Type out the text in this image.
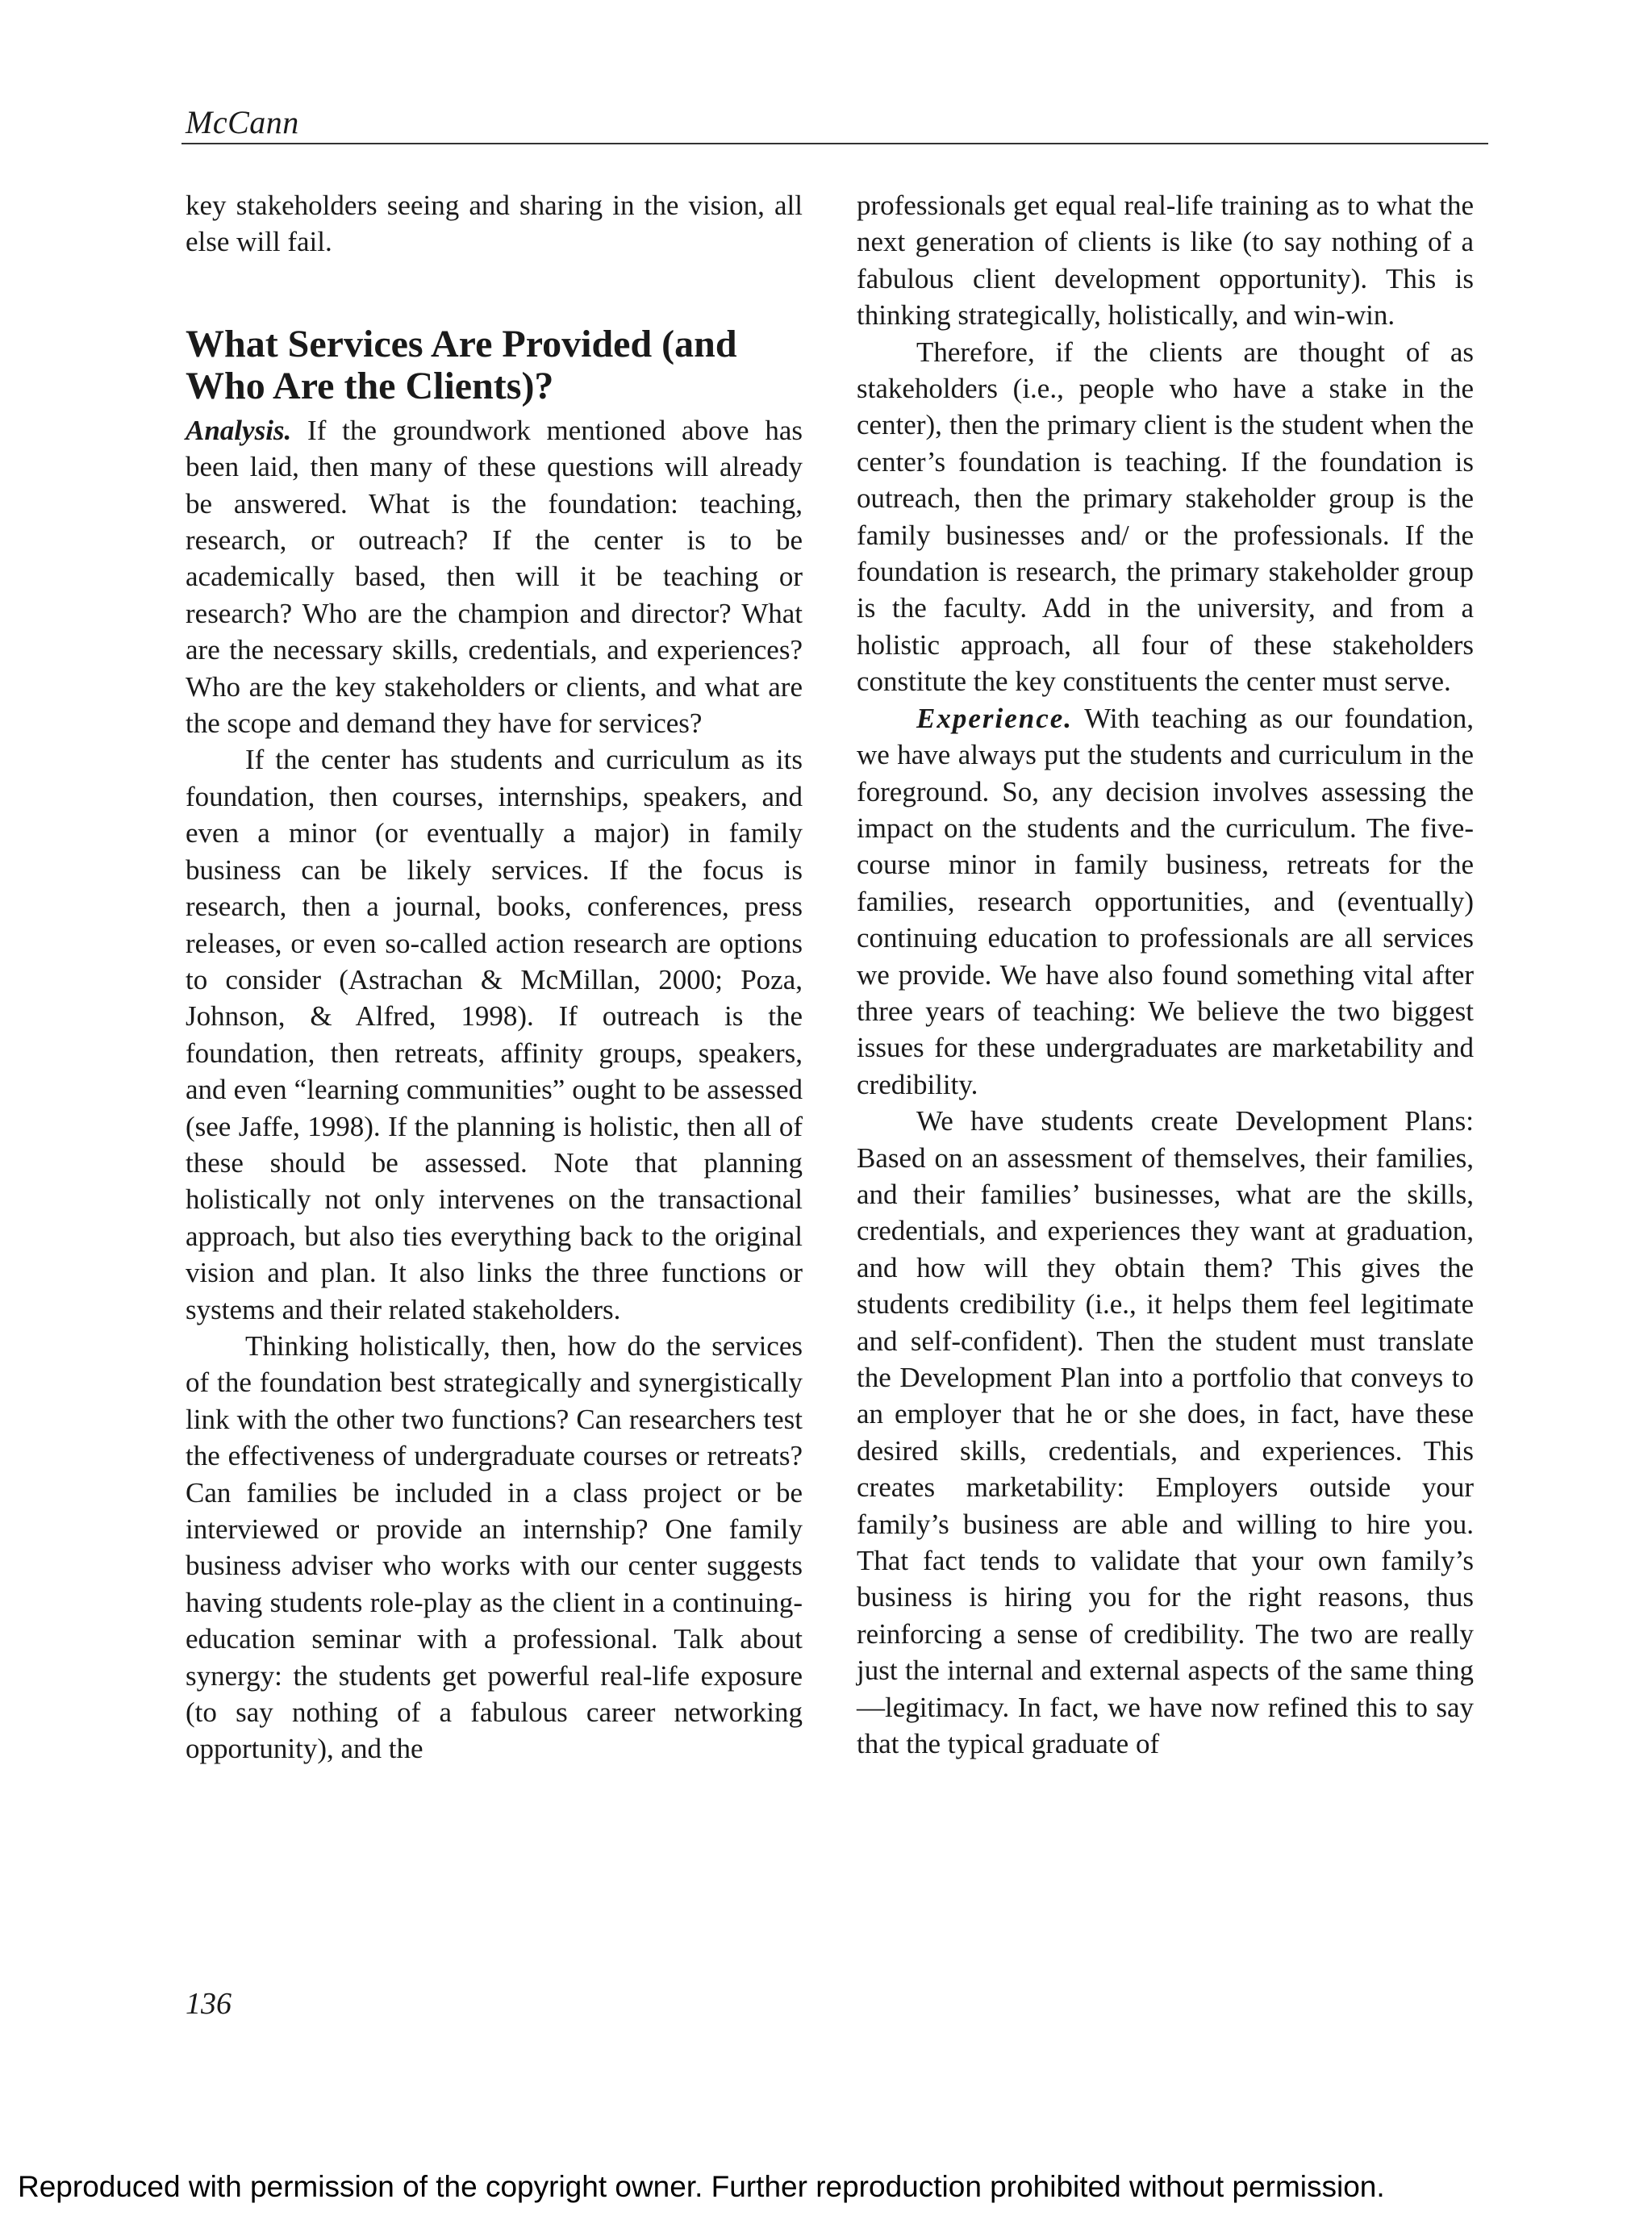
McCann

key stakeholders seeing and sharing in the vision, all else will fail.

What Services Are Provided (and Who Are the Clients)?

Analysis. If the groundwork mentioned above has been laid, then many of these questions will already be answered. What is the foundation: teaching, research, or outreach? If the center is to be academically based, then will it be teaching or research? Who are the champion and director? What are the necessary skills, credentials, and experiences? Who are the key stakeholders or clients, and what are the scope and demand they have for services?

If the center has students and curriculum as its foundation, then courses, internships, speakers, and even a minor (or eventually a major) in family business can be likely services. If the focus is research, then a journal, books, conferences, press releases, or even so-called action research are options to consider (Astrachan & McMillan, 2000; Poza, Johnson, & Alfred, 1998). If outreach is the foundation, then retreats, affinity groups, speakers, and even “learning communities” ought to be assessed (see Jaffe, 1998). If the planning is holistic, then all of these should be assessed. Note that planning holistically not only intervenes on the transactional approach, but also ties everything back to the original vision and plan. It also links the three functions or systems and their related stakeholders.

Thinking holistically, then, how do the services of the foundation best strategically and synergistically link with the other two functions? Can researchers test the effectiveness of undergraduate courses or retreats? Can families be included in a class project or be interviewed or provide an internship? One family business adviser who works with our center suggests having students role-play as the client in a continuing-education seminar with a professional. Talk about synergy: the students get powerful real-life exposure (to say nothing of a fabulous career networking opportunity), and the

professionals get equal real-life training as to what the next generation of clients is like (to say nothing of a fabulous client development opportunity). This is thinking strategically, holistically, and win-win.

Therefore, if the clients are thought of as stakeholders (i.e., people who have a stake in the center), then the primary client is the student when the center’s foundation is teaching. If the foundation is outreach, then the primary stakeholder group is the family businesses and/ or the professionals. If the foundation is research, the primary stakeholder group is the faculty. Add in the university, and from a holistic approach, all four of these stakeholders constitute the key constituents the center must serve.

Experience. With teaching as our foundation, we have always put the students and curriculum in the foreground. So, any decision involves assessing the impact on the students and the curriculum. The five-course minor in family business, retreats for the families, research opportunities, and (eventually) continuing education to professionals are all services we provide. We have also found something vital after three years of teaching: We believe the two biggest issues for these undergraduates are marketability and credibility.

We have students create Development Plans: Based on an assessment of themselves, their families, and their families’ businesses, what are the skills, credentials, and experiences they want at graduation, and how will they obtain them? This gives the students credibility (i.e., it helps them feel legitimate and self-confident). Then the student must translate the Development Plan into a portfolio that conveys to an employer that he or she does, in fact, have these desired skills, credentials, and experiences. This creates marketability: Employers outside your family’s business are able and willing to hire you. That fact tends to validate that your own family’s business is hiring you for the right reasons, thus reinforcing a sense of credibility. The two are really just the internal and external aspects of the same thing—legitimacy. In fact, we have now refined this to say that the typical graduate of

136
Reproduced with permission of the copyright owner. Further reproduction prohibited without permission.
